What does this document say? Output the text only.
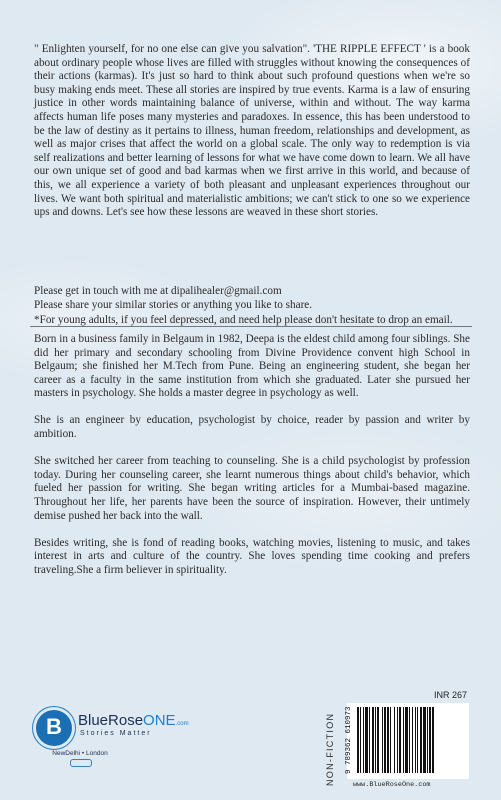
" Enlighten yourself, for no one else can give you salvation". 'THE RIPPLE EFFECT ' is a book about ordinary people whose lives are filled with struggles without knowing the consequences of their actions (karmas). It's just so hard to think about such profound questions when we're so busy making ends meet. These all stories are inspired by true events. Karma is a law of ensuring justice in other words maintaining balance of universe, within and without. The way karma affects human life poses many mysteries and paradoxes. In essence, this has been understood to be the law of destiny as it pertains to illness, human freedom, relationships and development, as well as major crises that affect the world on a global scale. The only way to redemption is via self realizations and better learning of lessons for what we have come down to learn. We all have our own unique set of good and bad karmas when we first arrive in this world, and because of this, we all experience a variety of both pleasant and unpleasant experiences throughout our lives. We want both spiritual and materialistic ambitions; we can't stick to one so we experience ups and downs. Let's see how these lessons are weaved in these short stories.
Please get in touch with me at dipalihealer@gmail.com
Please share your similar stories or anything you like to share.
*For young adults, if you feel depressed, and need help please don't hesitate to drop an email.

Born in a business family in Belgaum in 1982, Deepa is the eldest child among four siblings. She did her primary and secondary schooling from Divine Providence convent high School in Belgaum; she finished her M.Tech from Pune. Being an engineering student, she began her career as a faculty in the same institution from which she graduated. Later she pursued her masters in psychology. She holds a master degree in psychology as well.

She is an engineer by education, psychologist by choice, reader by passion and writer by ambition.

She switched her career from teaching to counseling. She is a child psychologist by profession today. During her counseling career, she learnt numerous things about child's behavior, which fueled her passion for writing. She began writing articles for a Mumbai-based magazine. Throughout her life, her parents have been the source of inspiration. However, their untimely demise pushed her back into the wall.

Besides writing, she is fond of reading books, watching movies, listening to music, and takes interest in arts and culture of the country. She loves spending time cooking and prefers traveling.She a firm believer in spirituality.

B	BlueRoseONE.com
Stories Matter
NewDelhi • London	NON-FICTION
INR 267
9 789362 610973
www.BlueRoseOne.com
